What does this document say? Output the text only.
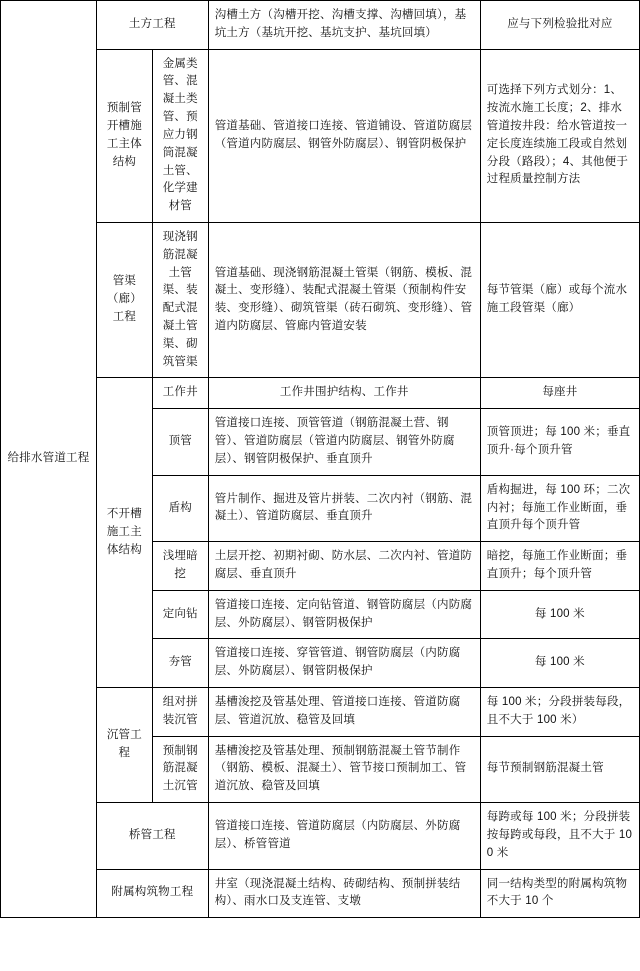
给排水管道工程	土方工程		沟槽土方（沟槽开挖、沟槽支撑、沟槽回填），基坑土方（基坑开挖、基坑支护、基坑回填）	应与下列检验批对应

	预制管开槽施工主体结构	金属类管、混凝土类管、预应力钢筒混凝土管、化学建材管	管道基础、管道接口连接、管道铺设、管道防腐层（管道内防腐层、钢管外防腐层）、钢管阴极保护	可选择下列方式划分：1、按流水施工长度；2、排水管道按井段：给水管道按一定长度连续施工段或自然划分段（路段）；4、其他便于过程质量控制方法

	管渠（廊）工程	现浇钢筋混凝土管渠、装配式混凝土管渠、砌筑管渠	管道基础、现浇钢筋混凝土管渠（钢筋、模板、混凝土、变形缝）、装配式混凝土管渠（预制构件安装、变形缝）、砌筑管渠（砖石砌筑、变形缝）、管道内防腐层、管廊内管道安装	每节管渠（廊）或每个流水施工段管渠（廊）

	不开槽施工主体结构	工作井	工作井围护结构、工作井	每座井

		顶管	管道接口连接、顶管管道（钢筋混凝土营、钢管）、管道防腐层（管道内防腐层、钢管外防腐层）、钢管阴极保护、垂直顶升	顶管顶进；每 100 米；垂直顶升·每个顶升管

		盾构	管片制作、掘进及管片拼装、二次内衬（钢筋、混凝土）、管道防腐层、垂直顶升	盾构掘进，每 100 环；二次内衬；每施工作业断面，垂直顶升每个顶升管

		浅埋暗挖	土层开挖、初期衬砌、防水层、二次内衬、管道防腐层、垂直顶升	暗挖，每施工作业断面；垂直顶升；每个顶升管

		定向钻	管道接口连接、定向钻管道、钢管防腐层（内防腐层、外防腐层）、钢管阴极保护	每 100 米

		夯管	管道接口连接、穿管管道、钢管防腐层（内防腐层、外防腐层）、钢管阴极保护	每 100 米

	沉管工程	组对拼装沉管	基槽浚挖及管基处理、管道接口连接、管道防腐层、管道沉放、稳管及回填	每 100 米；分段拼装每段，且不大于 100 米）

		预制钢筋混凝土沉管	基槽浚挖及管基处理、预制钢筋混凝土管节制作（钢筋、模板、混凝土）、管节接口预制加工、管道沉放、稳管及回填	每节预制钢筋混凝土管

	桥管工程		管道接口连接、管道防腐层（内防腐层、外防腐层）、桥管管道	每跨或每 100 米；分段拼装按每跨或每段，且不大于 100 米

	附属构筑物工程		井室（现浇混凝土结构、砖砌结构、预制拼装结构）、雨水口及支连管、支墩	同一结构类型的附属构筑物不大于 10 个
